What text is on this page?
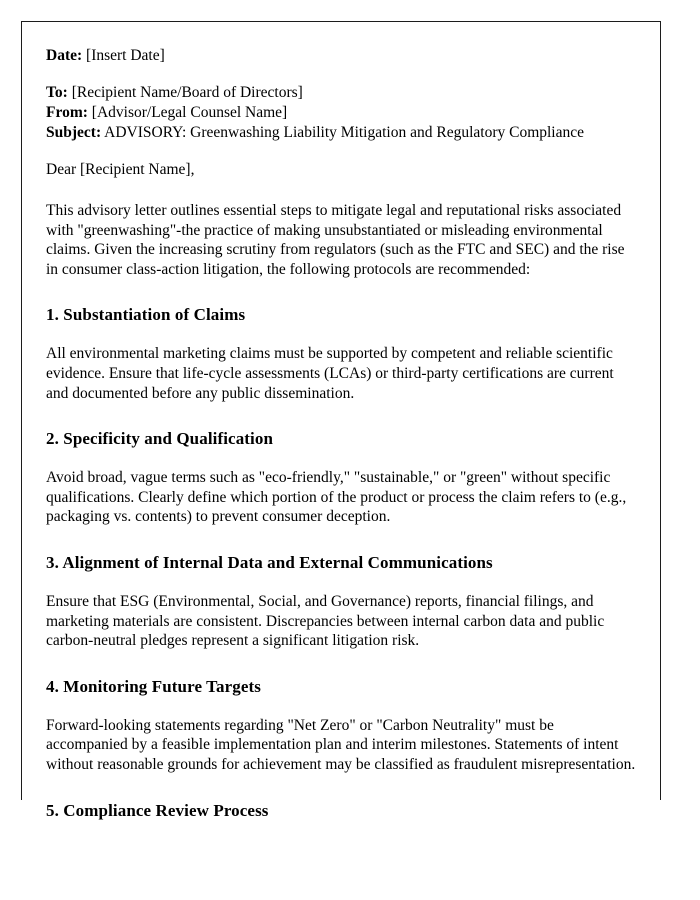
Date: [Insert Date]
To: [Recipient Name/Board of Directors]
From: [Advisor/Legal Counsel Name]
Subject: ADVISORY: Greenwashing Liability Mitigation and Regulatory Compliance
Dear [Recipient Name],

This advisory letter outlines essential steps to mitigate legal and reputational risks associated with "greenwashing"-the practice of making unsubstantiated or misleading environmental claims. Given the increasing scrutiny from regulators (such as the FTC and SEC) and the rise in consumer class-action litigation, the following protocols are recommended:

1. Substantiation of Claims

All environmental marketing claims must be supported by competent and reliable scientific evidence. Ensure that life-cycle assessments (LCAs) or third-party certifications are current and documented before any public dissemination.

2. Specificity and Qualification

Avoid broad, vague terms such as "eco-friendly," "sustainable," or "green" without specific qualifications. Clearly define which portion of the product or process the claim refers to (e.g., packaging vs. contents) to prevent consumer deception.

3. Alignment of Internal Data and External Communications

Ensure that ESG (Environmental, Social, and Governance) reports, financial filings, and marketing materials are consistent. Discrepancies between internal carbon data and public carbon-neutral pledges represent a significant litigation risk.

4. Monitoring Future Targets

Forward-looking statements regarding "Net Zero" or "Carbon Neutrality" must be accompanied by a feasible implementation plan and interim milestones. Statements of intent without reasonable grounds for achievement may be classified as fraudulent misrepresentation.

5. Compliance Review Process
